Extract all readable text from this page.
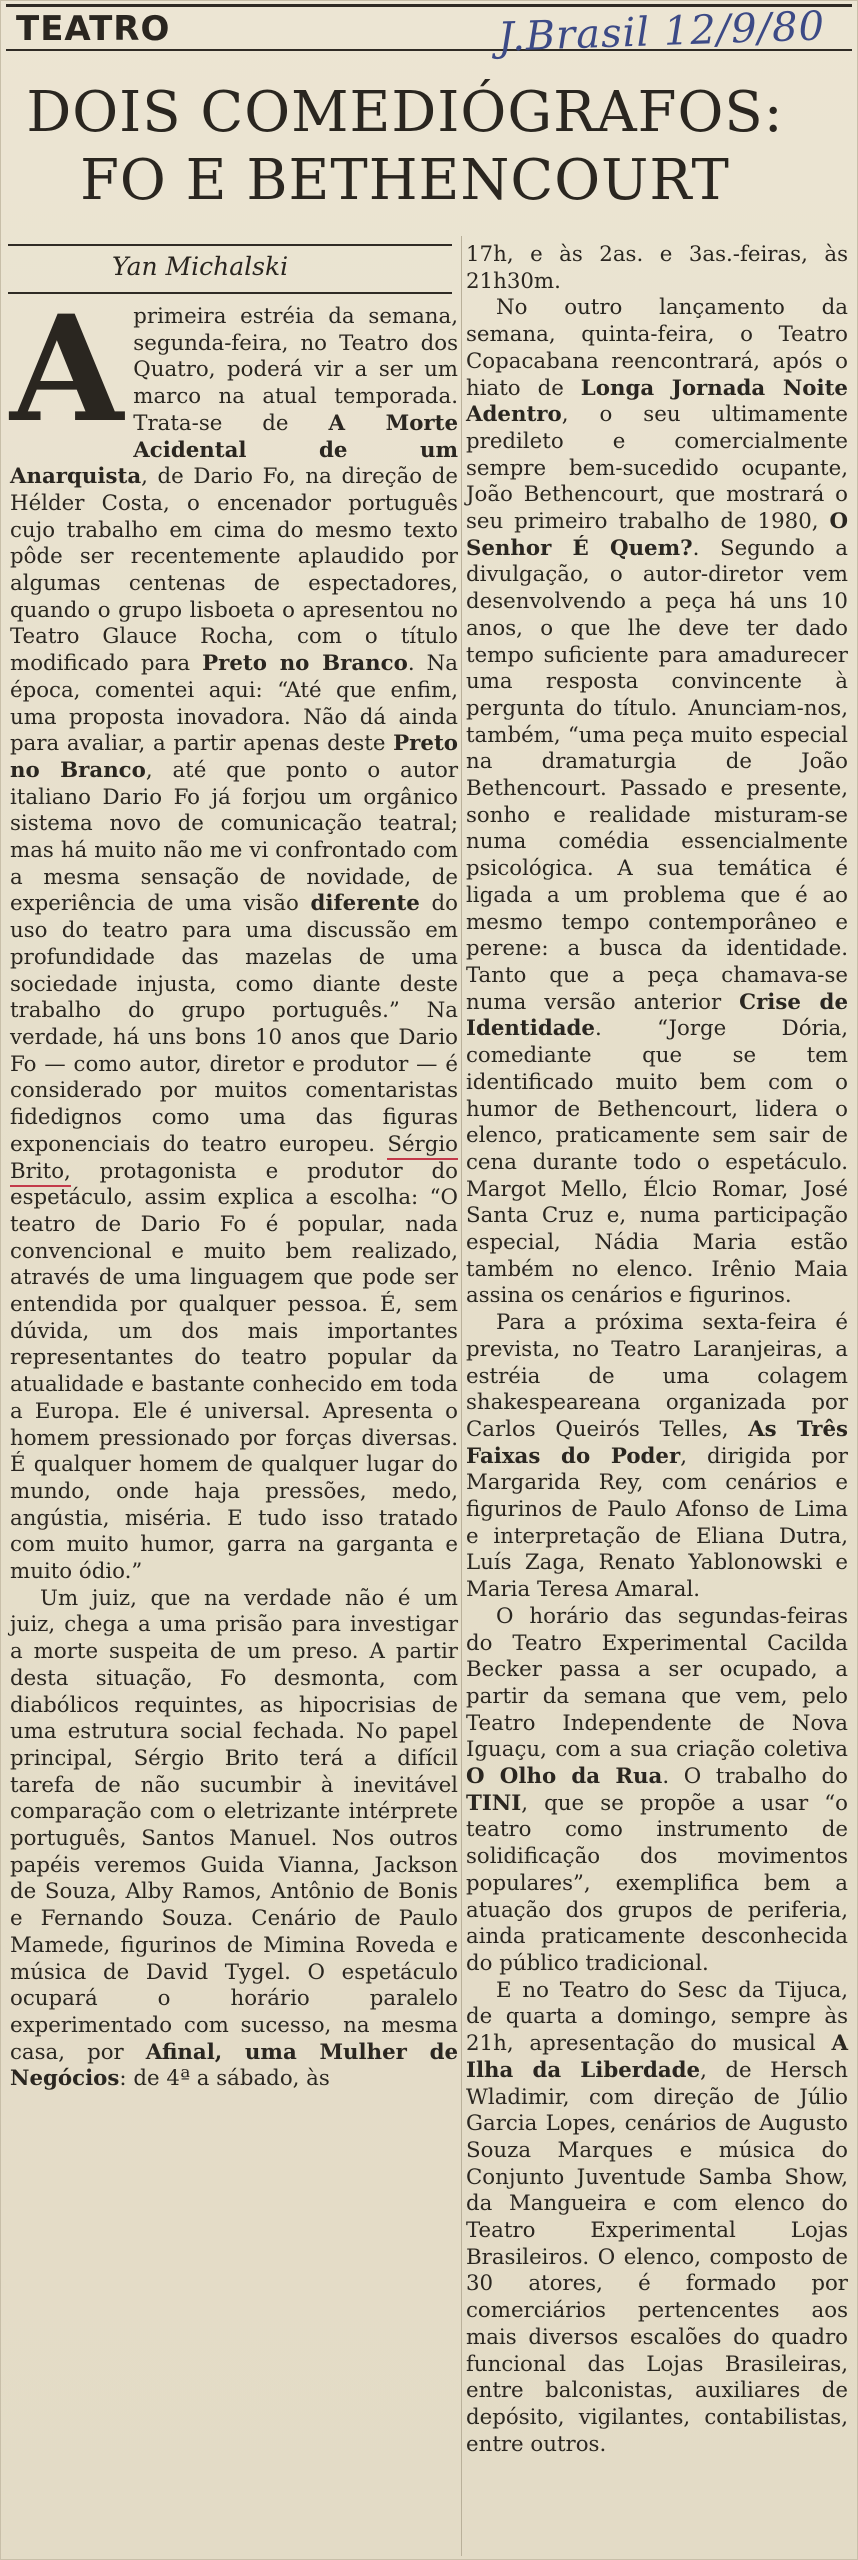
TEATRO	J.Brasil 12/9/80
DOIS COMEDIÓGRAFOS:
FO E BETHENCOURT
Yan Michalski
A primeira estréia da semana, segunda-feira, no Teatro dos Quatro, poderá vir a ser um marco na atual temporada. Trata-se de A Morte Acidental de um Anarquista, de Dario Fo, na direção de Hélder Costa, o encenador português cujo trabalho em cima do mesmo texto pôde ser recentemente aplaudido por algumas centenas de espectadores, quando o grupo lisboeta o apresentou no Teatro Glauce Rocha, com o título modificado para Preto no Branco. Na época, comentei aqui: “Até que enfim, uma proposta inovadora. Não dá ainda para avaliar, a partir apenas deste Preto no Branco, até que ponto o autor italiano Dario Fo já forjou um orgânico sistema novo de comunicação teatral; mas há muito não me vi confrontado com a mesma sensação de novidade, de experiência de uma visão diferente do uso do teatro para uma discussão em profundidade das mazelas de uma sociedade injusta, como diante deste trabalho do grupo português.” Na verdade, há uns bons 10 anos que Dario Fo — como autor, diretor e produtor — é considerado por muitos comentaristas fidedignos como uma das figuras exponenciais do teatro europeu. Sérgio Brito, protagonista e produtor do espetáculo, assim explica a escolha: “O teatro de Dario Fo é popular, nada convencional e muito bem realizado, através de uma linguagem que pode ser entendida por qualquer pessoa. É, sem dúvida, um dos mais importantes representantes do teatro popular da atualidade e bastante conhecido em toda a Europa. Ele é universal. Apresenta o homem pressionado por forças diversas. É qualquer homem de qualquer lugar do mundo, onde haja pressões, medo, angústia, miséria. E tudo isso tratado com muito humor, garra na garganta e muito ódio.”

Um juiz, que na verdade não é um juiz, chega a uma prisão para investigar a morte suspeita de um preso. A partir desta situação, Fo desmonta, com diabólicos requintes, as hipocrisias de uma estrutura social fechada. No papel principal, Sérgio Brito terá a difícil tarefa de não sucumbir à inevitável comparação com o eletrizante intérprete português, Santos Manuel. Nos outros papéis veremos Guida Vianna, Jackson de Souza, Alby Ramos, Antônio de Bonis e Fernando Souza. Cenário de Paulo Mamede, figurinos de Mimina Roveda e música de David Tygel. O espetáculo ocupará o horário paralelo experimentado com sucesso, na mesma casa, por Afinal, uma Mulher de Negócios: de 4ª a sábado, às

17h, e às 2as. e 3as.-feiras, às 21h30m.

No outro lançamento da semana, quinta-feira, o Teatro Copacabana reencontrará, após o hiato de Longa Jornada Noite Adentro, o seu ultimamente predileto e comercialmente sempre bem-sucedido ocupante, João Bethencourt, que mostrará o seu primeiro trabalho de 1980, O Senhor É Quem?. Segundo a divulgação, o autor-diretor vem desenvolvendo a peça há uns 10 anos, o que lhe deve ter dado tempo suficiente para amadurecer uma resposta convincente à pergunta do título. Anunciam-nos, também, “uma peça muito especial na dramaturgia de João Bethencourt. Passado e presente, sonho e realidade misturam-se numa comédia essencialmente psicológica. A sua temática é ligada a um problema que é ao mesmo tempo contemporâneo e perene: a busca da identidade. Tanto que a peça chamava-se numa versão anterior Crise de Identidade. “Jorge Dória, comediante que se tem identificado muito bem com o humor de Bethencourt, lidera o elenco, praticamente sem sair de cena durante todo o espetáculo. Margot Mello, Élcio Romar, José Santa Cruz e, numa participação especial, Nádia Maria estão também no elenco. Irênio Maia assina os cenários e figurinos.

Para a próxima sexta-feira é prevista, no Teatro Laranjeiras, a estréia de uma colagem shakespeareana organizada por Carlos Queirós Telles, As Três Faixas do Poder, dirigida por Margarida Rey, com cenários e figurinos de Paulo Afonso de Lima e interpretação de Eliana Dutra, Luís Zaga, Renato Yablonowski e Maria Teresa Amaral.

O horário das segundas-feiras do Teatro Experimental Cacilda Becker passa a ser ocupado, a partir da semana que vem, pelo Teatro Independente de Nova Iguaçu, com a sua criação coletiva O Olho da Rua. O trabalho do TINI, que se propõe a usar “o teatro como instrumento de solidificação dos movimentos populares”, exemplifica bem a atuação dos grupos de periferia, ainda praticamente desconhecida do público tradicional.

E no Teatro do Sesc da Tijuca, de quarta a domingo, sempre às 21h, apresentação do musical A Ilha da Liberdade, de Hersch Wladimir, com direção de Júlio Garcia Lopes, cenários de Augusto Souza Marques e música do Conjunto Juventude Samba Show, da Mangueira e com elenco do Teatro Experimental Lojas Brasileiros. O elenco, composto de 30 atores, é formado por comerciários pertencentes aos mais diversos escalões do quadro funcional das Lojas Brasileiras, entre balconistas, auxiliares de depósito, vigilantes, contabilistas, entre outros.
